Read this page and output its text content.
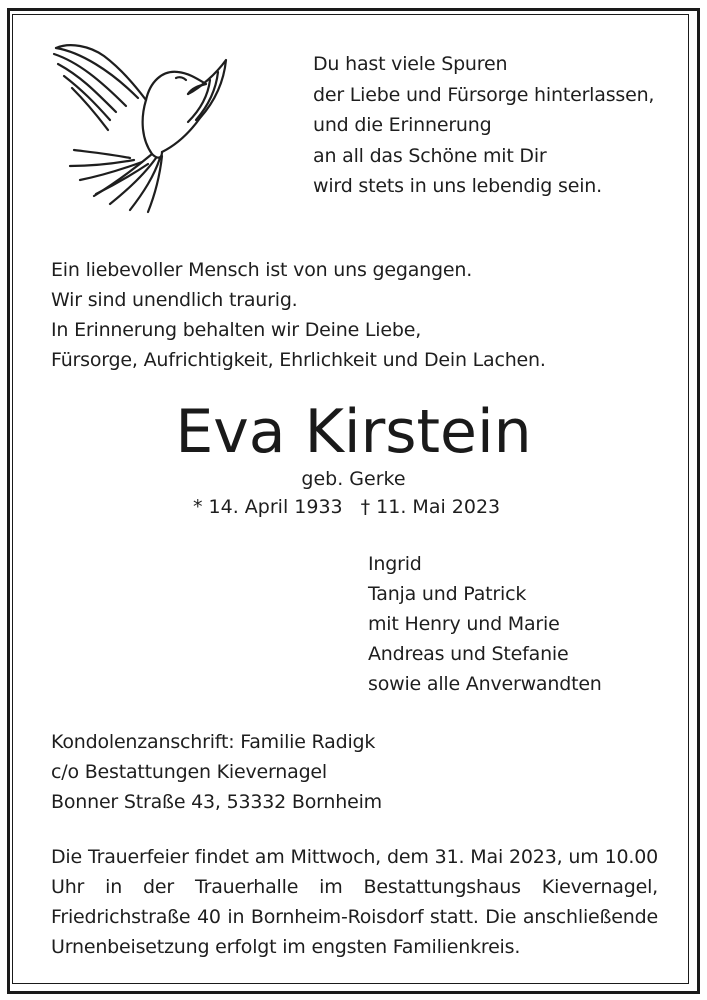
Du hast viele Spuren
der Liebe und Fürsorge hinterlassen,
und die Erinnerung
an all das Schöne mit Dir
wird stets in uns lebendig sein.
Ein liebevoller Mensch ist von uns gegangen.
Wir sind unendlich traurig.
In Erinnerung behalten wir Deine Liebe,
Fürsorge, Aufrichtigkeit, Ehrlichkeit und Dein Lachen.
Eva Kirstein
geb. Gerke
* 14. April 1933 † 11. Mai 2023
Ingrid
Tanja und Patrick
mit Henry und Marie
Andreas und Stefanie
sowie alle Anverwandten
Kondolenzanschrift: Familie Radigk
c/o Bestattungen Kievernagel
Bonner Straße 43, 53332 Bornheim
Die Trauerfeier findet am Mittwoch, dem 31. Mai 2023, um 10.00 Uhr in der Trauerhalle im Bestattungshaus Kievernagel, Friedrichstraße 40 in Bornheim-Roisdorf statt. Die anschließende Urnenbeisetzung erfolgt im engsten Familienkreis.
